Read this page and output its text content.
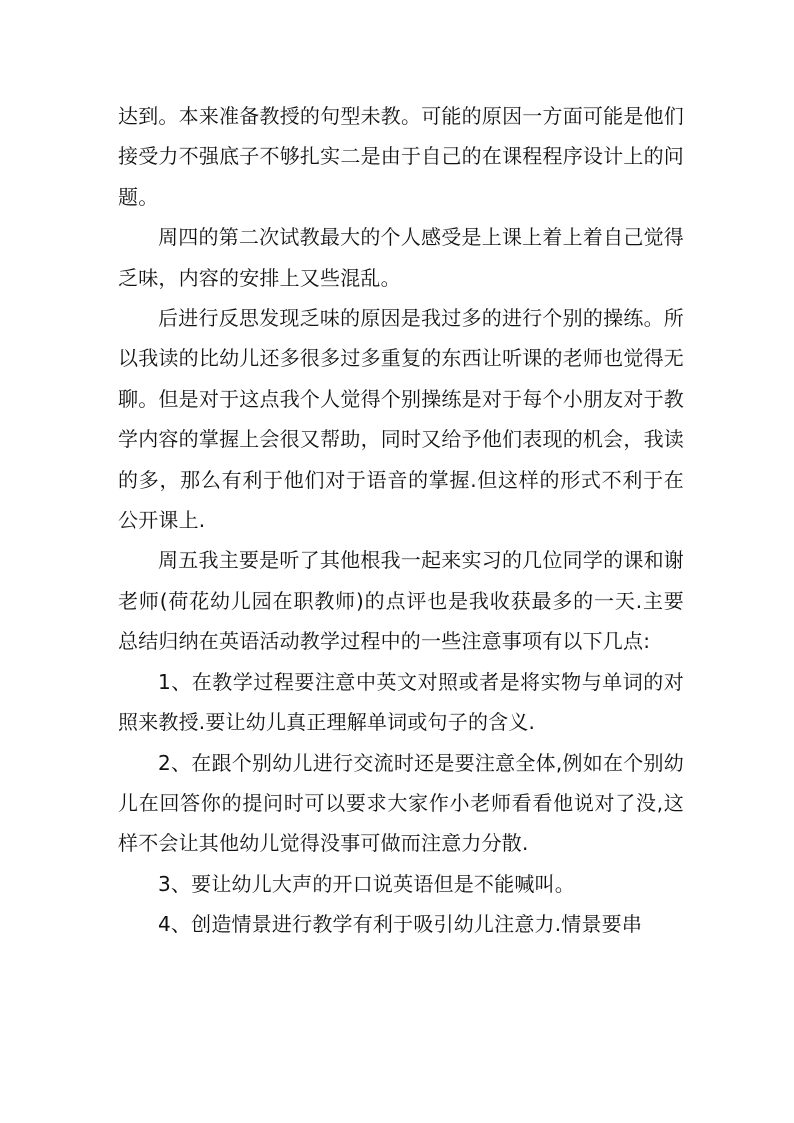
达到。本来准备教授的句型未教。可能的原因一方面可能是他们接受力不强底子不够扎实二是由于自己的在课程程序设计上的问题。

周四的第二次试教最大的个人感受是上课上着上着自己觉得乏味，内容的安排上又些混乱。

后进行反思发现乏味的原因是我过多的进行个别的操练。所以我读的比幼儿还多很多过多重复的东西让听课的老师也觉得无聊。但是对于这点我个人觉得个别操练是对于每个小朋友对于教学内容的掌握上会很又帮助，同时又给予他们表现的机会，我读的多，那么有利于他们对于语音的掌握.但这样的形式不利于在公开课上.

周五我主要是听了其他根我一起来实习的几位同学的课和谢老师(荷花幼儿园在职教师)的点评也是我收获最多的一天.主要总结归纳在英语活动教学过程中的一些注意事项有以下几点:

1、在教学过程要注意中英文对照或者是将实物与单词的对照来教授.要让幼儿真正理解单词或句子的含义.

2、在跟个别幼儿进行交流时还是要注意全体,例如在个别幼儿在回答你的提问时可以要求大家作小老师看看他说对了没,这样不会让其他幼儿觉得没事可做而注意力分散.

3、要让幼儿大声的开口说英语但是不能喊叫。

4、创造情景进行教学有利于吸引幼儿注意力.情景要串
